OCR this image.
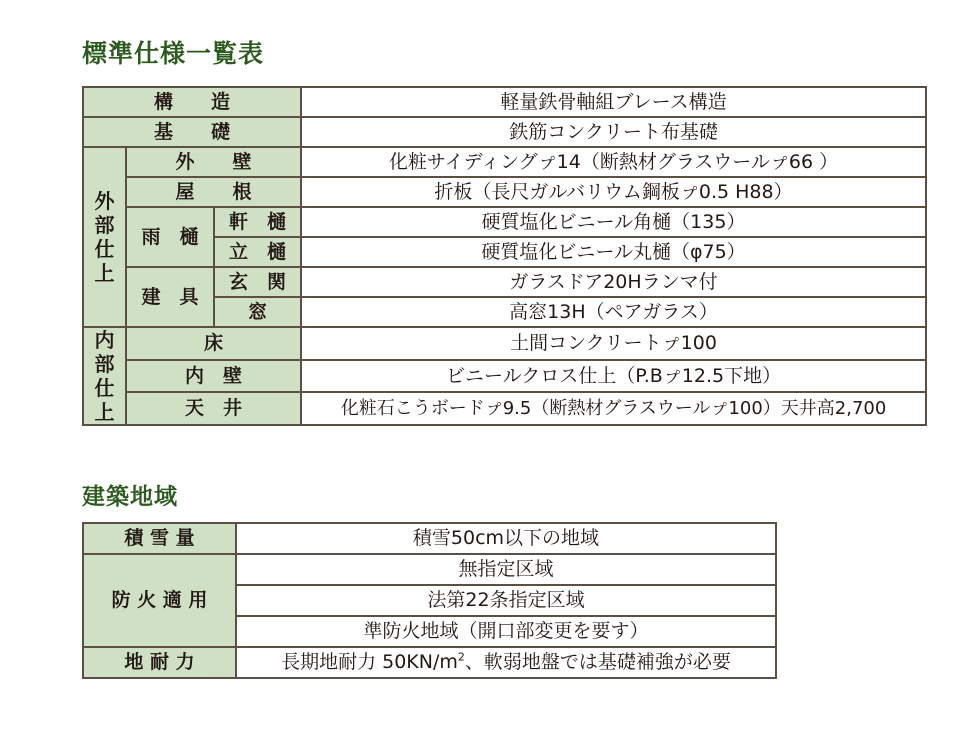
標準仕様一覧表
構　　造			軽量鉄骨軸組ブレース構造
基　　礎			鉄筋コンクリート布基礎
外部仕上	外　　壁		化粧サイディングㇷ゚14（断熱材グラスウールㇷ゚66 ）
	屋　　根		折板（長尺ガルバリウム鋼板ㇷ゚0.5 H88）
	雨　樋	軒　樋	硬質塩化ビニール角樋（135）
		立　樋	硬質塩化ビニール丸樋（φ75）
	建　具	玄　関	ガラスドア20Hランマ付
		窓	高窓13H（ペアガラス）
内部仕上	床		土間コンクリートㇷ゚100
	内　壁		ビニールクロス仕上（P.Bㇷ゚12.5下地）
	天　井		化粧石こうボードㇷ゚9.5（断熱材グラスウールㇷ゚100）天井高2,700
建築地域
積 雪 量	積雪50cm以下の地域
防 火 適 用	無指定区域
	法第22条指定区域
	準防火地域（開口部変更を要す）
地 耐 力	長期地耐力 $50KN/m^2$、軟弱地盤では基礎補強が必要
